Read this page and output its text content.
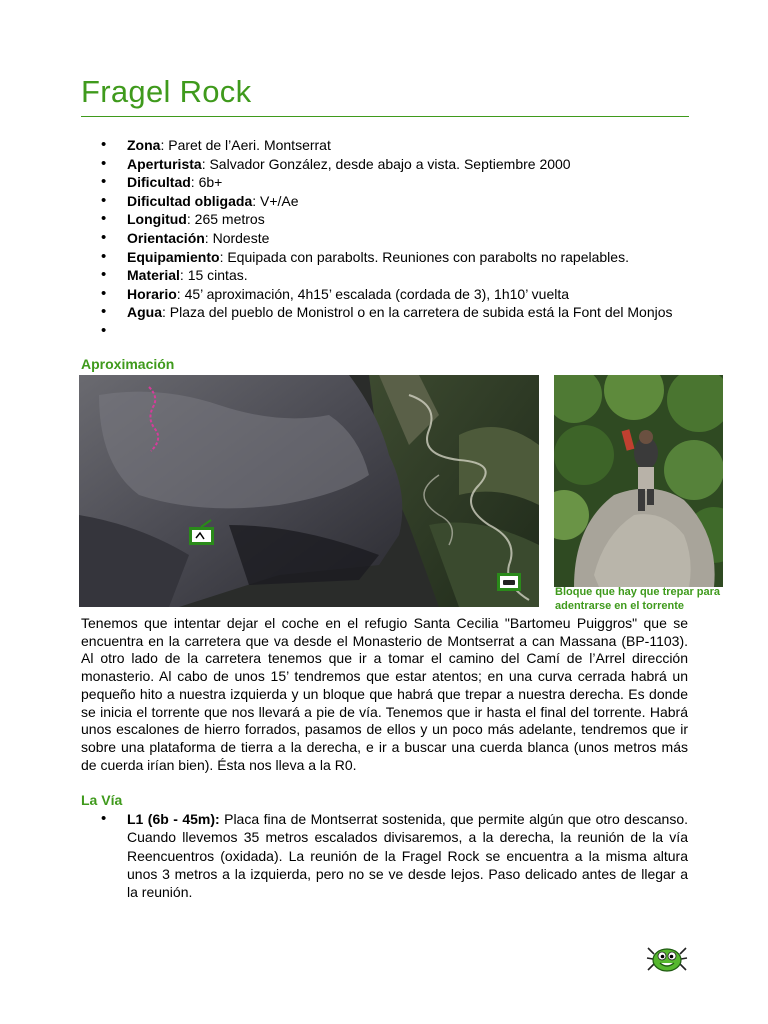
Fragel Rock
• Zona: Paret de l’Aeri. Montserrat
• Aperturista: Salvador González, desde abajo a vista. Septiembre 2000
• Dificultad: 6b+
• Dificultad obligada: V+/Ae
• Longitud: 265 metros
• Orientación: Nordeste
• Equipamiento: Equipada con parabolts. Reuniones con parabolts no rapelables.
• Material: 15 cintas.
• Horario: 45’ aproximación, 4h15’ escalada (cordada de 3), 1h10’ vuelta
• Agua: Plaza del pueblo de Monistrol o en la carretera de subida está la Font del Monjos
•
Aproximación
Bloque que hay que trepar para adentrarse en el torrente
Tenemos que intentar dejar el coche en el refugio Santa Cecilia "Bartomeu Puiggros" que se encuentra en la carretera que va desde el Monasterio de Montserrat a can Massana (BP-1103). Al otro lado de la carretera tenemos que ir a tomar el camino del Camí de l’Arrel dirección monasterio. Al cabo de unos 15’ tendremos que estar atentos; en una curva cerrada habrá un pequeño hito a nuestra izquierda y un bloque que habrá que trepar a nuestra derecha. Es donde se inicia el torrente que nos llevará a pie de vía. Tenemos que ir hasta el final del torrente. Habrá unos escalones de hierro forrados, pasamos de ellos y un poco más adelante, tendremos que ir sobre una plataforma de tierra a la derecha, e ir a buscar una cuerda blanca (unos metros más de cuerda irían bien). Ésta nos lleva a la R0.
La Vía
• L1 (6b - 45m): Placa fina de Montserrat sostenida, que permite algún que otro descanso. Cuando llevemos 35 metros escalados divisaremos, a la derecha, la reunión de la vía Reencuentros (oxidada). La reunión de la Fragel Rock se encuentra a la misma altura unos 3 metros a la izquierda, pero no se ve desde lejos. Paso delicado antes de llegar a la reunión.
